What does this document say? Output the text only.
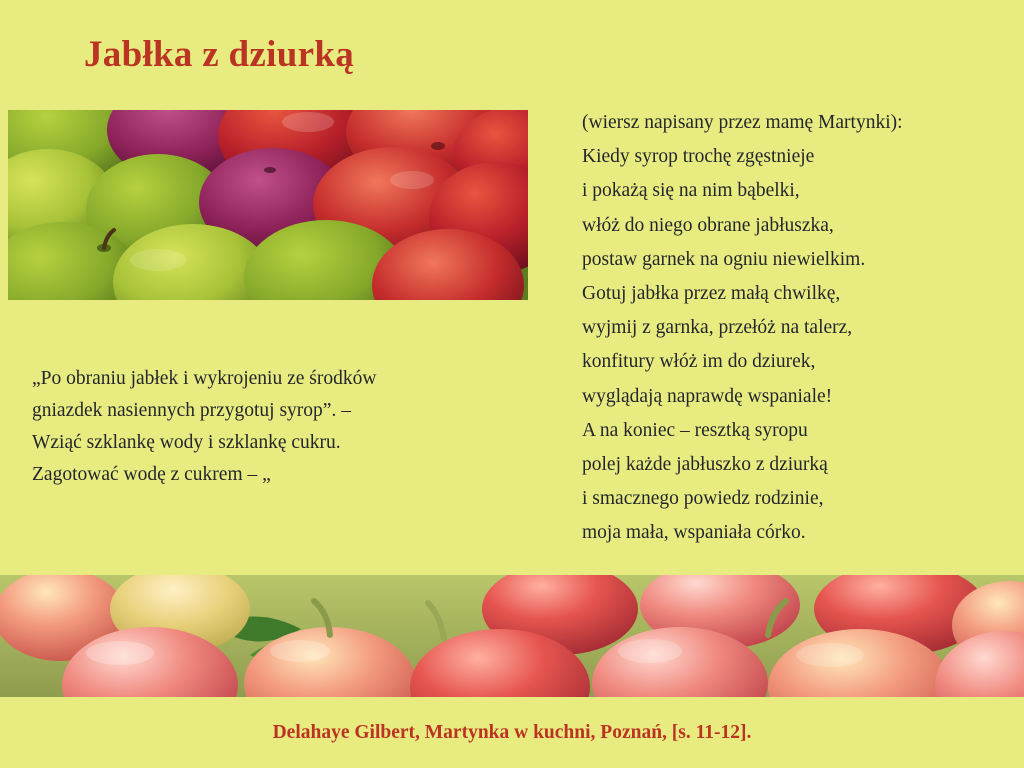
Jabłka z dziurką
„Po obraniu jabłek i wykrojeniu ze środków
gniazdek nasiennych przygotuj syrop”. –
Wziąć szklankę wody i szklankę cukru.
Zagotować wodę z cukrem – „
(wiersz napisany przez mamę Martynki):
Kiedy syrop trochę zgęstnieje
i pokażą się na nim bąbelki,
włóż do niego obrane jabłuszka,
postaw garnek na ogniu niewielkim.
Gotuj jabłka przez małą chwilkę,
wyjmij z garnka, przełóż na talerz,
konfitury włóż im do dziurek,
wyglądają naprawdę wspaniale!
A na koniec – resztką syropu
polej każde jabłuszko z dziurką
i smacznego powiedz rodzinie,
moja mała, wspaniała córko.
Delahaye Gilbert, Martynka w kuchni, Poznań, [s. 11-12].
